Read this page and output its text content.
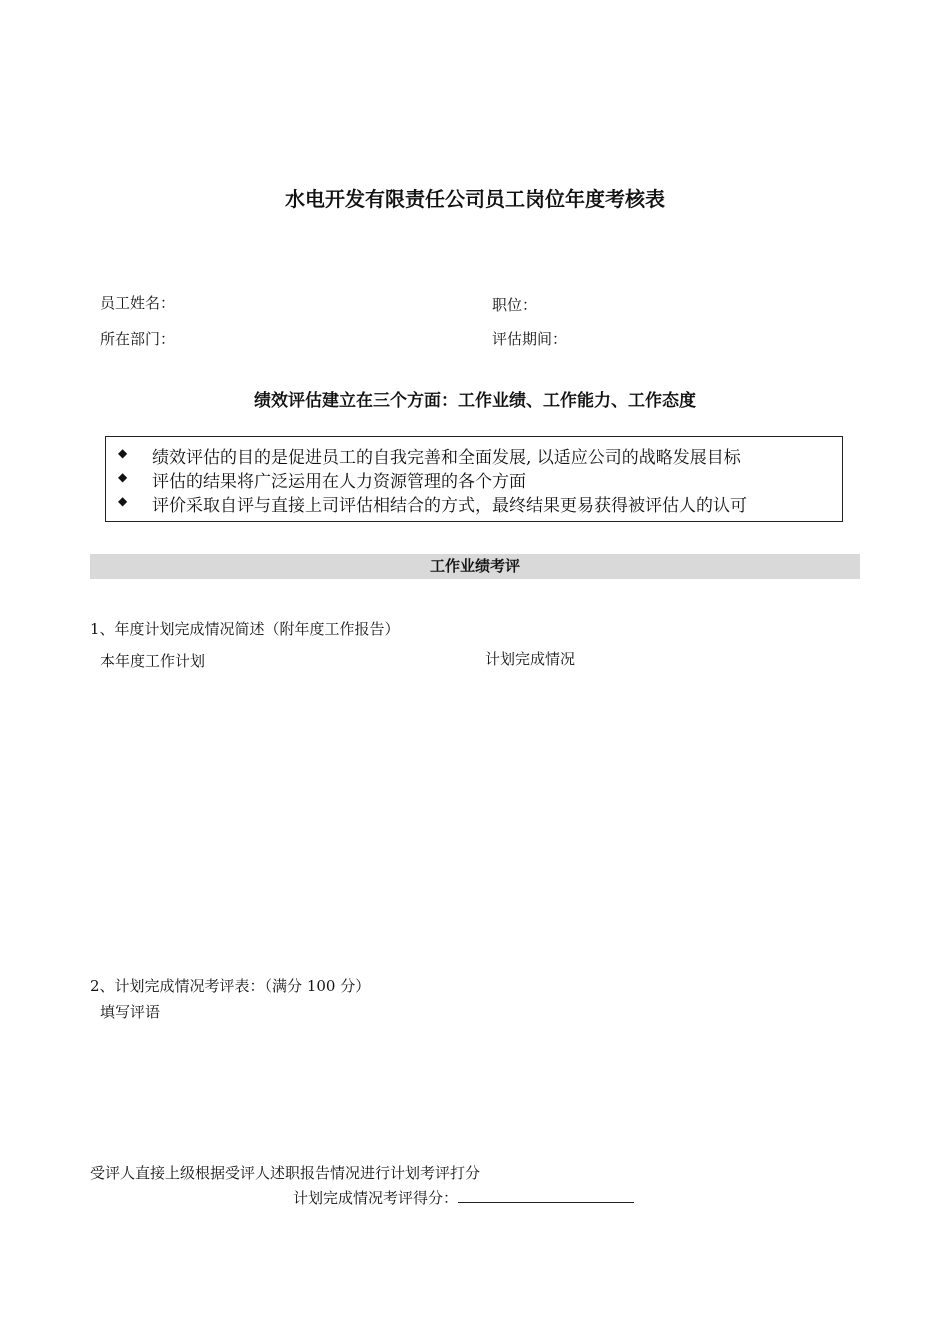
水电开发有限责任公司员工岗位年度考核表
员工姓名：	职位：
所在部门：	评估期间：
绩效评估建立在三个方面：工作业绩、工作能力、工作态度
◆ 绩效评估的目的是促进员工的自我完善和全面发展, 以适应公司的战略发展目标
◆ 评估的结果将广泛运用在人力资源管理的各个方面
◆ 评价采取自评与直接上司评估相结合的方式，最终结果更易获得被评估人的认可
工作业绩考评
1、年度计划完成情况简述（附年度工作报告）
本年度工作计划	计划完成情况
2、计划完成情况考评表：（满分 100 分）
填写评语
受评人直接上级根据受评人述职报告情况进行计划考评打分
计划完成情况考评得分：
